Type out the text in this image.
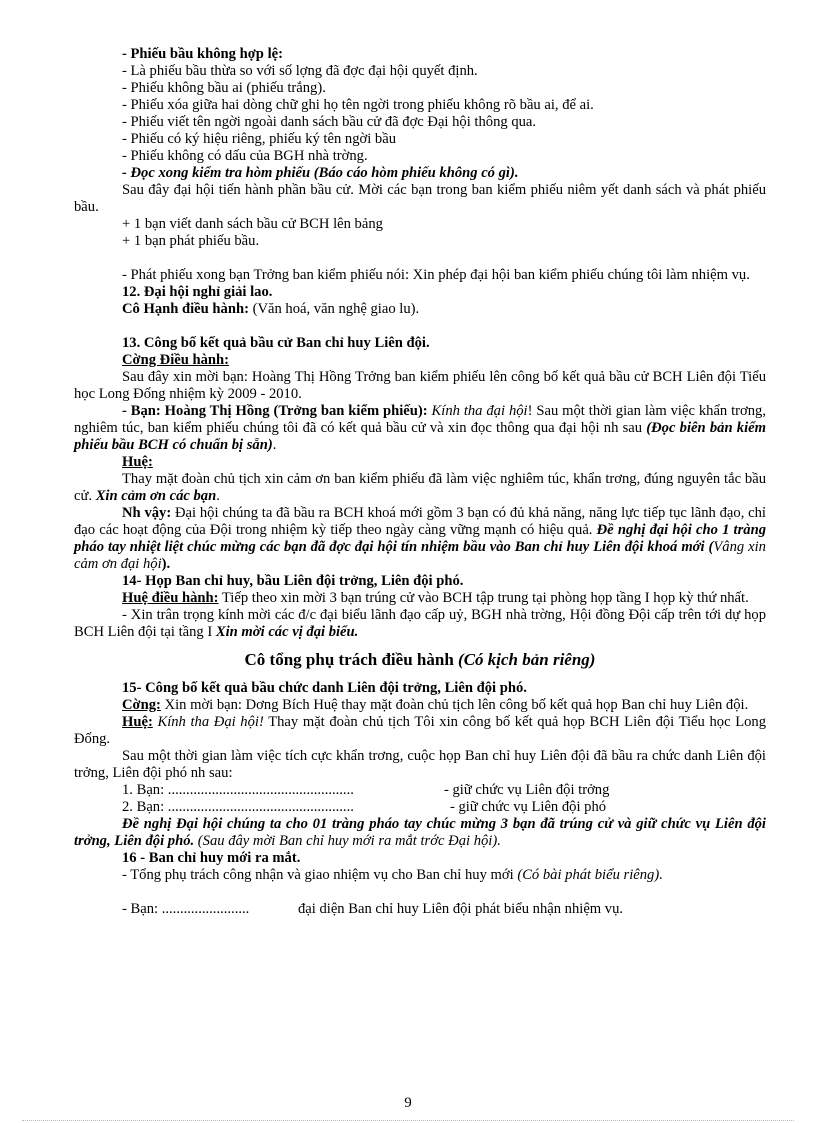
- Phiếu bầu không hợp lệ:

- Là phiếu bầu thừa so với số lợng đã đợc đại hội quyết định.

- Phiếu không bầu ai (phiếu trắng).

- Phiếu xóa giữa hai dòng chữ ghi họ tên ngời trong phiếu không rõ bầu ai, để ai.

- Phiếu viết tên ngời ngoài danh sách bầu cử đã đợc Đại hội thông qua.

- Phiếu có ký hiệu riêng, phiếu ký tên ngời bầu

- Phiếu không có dấu của BGH nhà trờng.

- Đọc xong kiểm tra hòm phiếu (Báo cáo hòm phiếu không có gì).

Sau đây đại hội tiến hành phần bầu cử. Mời các bạn trong ban kiểm phiếu niêm yết danh sách và phát phiếu bầu.

+ 1 bạn viết danh sách bầu cử BCH lên bảng

+ 1 bạn phát phiếu bầu.

- Phát phiếu xong bạn Trởng ban kiểm phiếu nói: Xin phép đại hội ban kiểm phiếu chúng tôi làm nhiệm vụ.

12. Đại hội nghỉ giải lao.

Cô Hạnh điều hành: (Văn hoá, văn nghệ giao lu).

13. Công bố kết quả bầu cử Ban chỉ huy Liên đội.

Cờng Điều hành:

Sau đây xin mời bạn: Hoàng Thị Hồng Trởng ban kiểm phiếu lên công bố kết quả bầu cử BCH Liên đội Tiểu học Long Đống nhiệm kỳ 2009 - 2010.

- Bạn: Hoàng Thị Hồng (Trởng ban kiểm phiếu): Kính tha đại hội! Sau một thời gian làm việc khẩn trơng, nghiêm túc, ban kiểm phiếu chúng tôi đã có kết quả bầu cử và xin đọc thông qua đại hội nh sau (Đọc biên bản kiểm phiếu bầu BCH có chuẩn bị sẵn).

Huệ:

Thay mặt đoàn chủ tịch xin cảm ơn ban kiểm phiếu đã làm việc nghiêm túc, khẩn trơng, đúng nguyên tắc bầu cử. Xin cảm ơn các bạn.

Nh vậy: Đại hội chúng ta đã bầu ra BCH khoá mới gồm 3 bạn có đủ khả năng, năng lực tiếp tục lãnh đạo, chỉ đạo các hoạt động của Đội trong nhiệm kỳ tiếp theo ngày càng vững mạnh có hiệu quả. Đề nghị đại hội cho 1 tràng pháo tay nhiệt liệt chúc mừng các bạn đã đợc đại hội tín nhiệm bầu vào Ban chỉ huy Liên đội khoá mới (Vâng xin cảm ơn đại hội).

14- Họp Ban chỉ huy, bầu Liên đội trởng, Liên đội phó.

Huệ điều hành: Tiếp theo xin mời 3 bạn trúng cử vào BCH tập trung tại phòng họp tầng I họp kỳ thứ nhất.

- Xin trân trọng kính mời các đ/c đại biểu lãnh đạo cấp uỷ, BGH nhà trờng, Hội đồng Đội cấp trên tới dự họp BCH Liên đội tại tầng I Xin mời các vị đại biểu.

Cô tổng phụ trách điều hành (Có kịch bản riêng)

15- Công bố kết quả bầu chức danh Liên đội trởng, Liên đội phó.

Cờng: Xin mời bạn: Dơng Bích Huệ thay mặt đoàn chủ tịch lên công bố kết quả họp Ban chỉ huy Liên đội.

Huệ: Kính tha Đại hội! Thay mặt đoàn chủ tịch Tôi xin công bố kết quả họp BCH Liên đội Tiểu học Long Đống.

Sau một thời gian làm việc tích cực khẩn trơng, cuộc họp Ban chỉ huy Liên đội đã bầu ra chức danh Liên đội trởng, Liên đội phó nh sau:

1. Bạn: ...................................................	- giữ chức vụ Liên đội trởng

2. Bạn: ...................................................	- giữ chức vụ Liên đội phó

Đề nghị Đại hội chúng ta cho 01 tràng pháo tay chúc mừng 3 bạn đã trúng cử và giữ chức vụ Liên đội trởng, Liên đội phó. (Sau đây mời Ban chỉ huy mới ra mắt trớc Đại hội).

16 - Ban chỉ huy mới ra mắt.

- Tổng phụ trách công nhận và giao nhiệm vụ cho Ban chỉ huy mới (Có bài phát biểu riêng).

- Bạn: ........................	đại diện Ban chỉ huy Liên đội phát biểu nhận nhiệm vụ.

9
